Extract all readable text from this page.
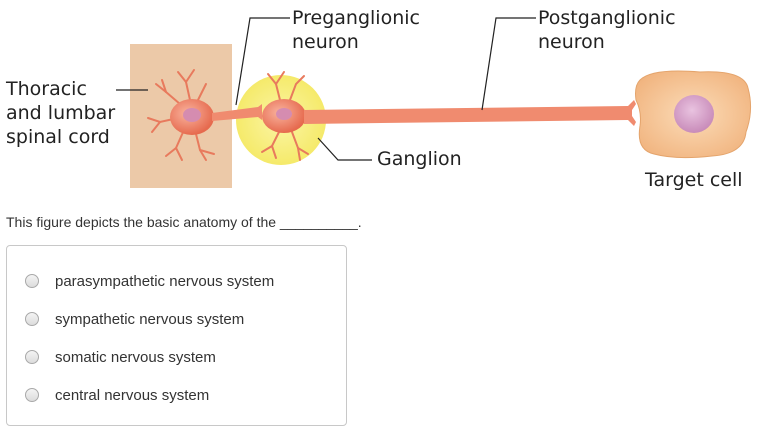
Thoracic
and lumbar
spinal cord
Preganglionic
neuron
Postganglionic
neuron
Ganglion
Target cell
This figure depicts the basic anatomy of the __________.
parasympathetic nervous system
sympathetic nervous system
somatic nervous system
central nervous system
